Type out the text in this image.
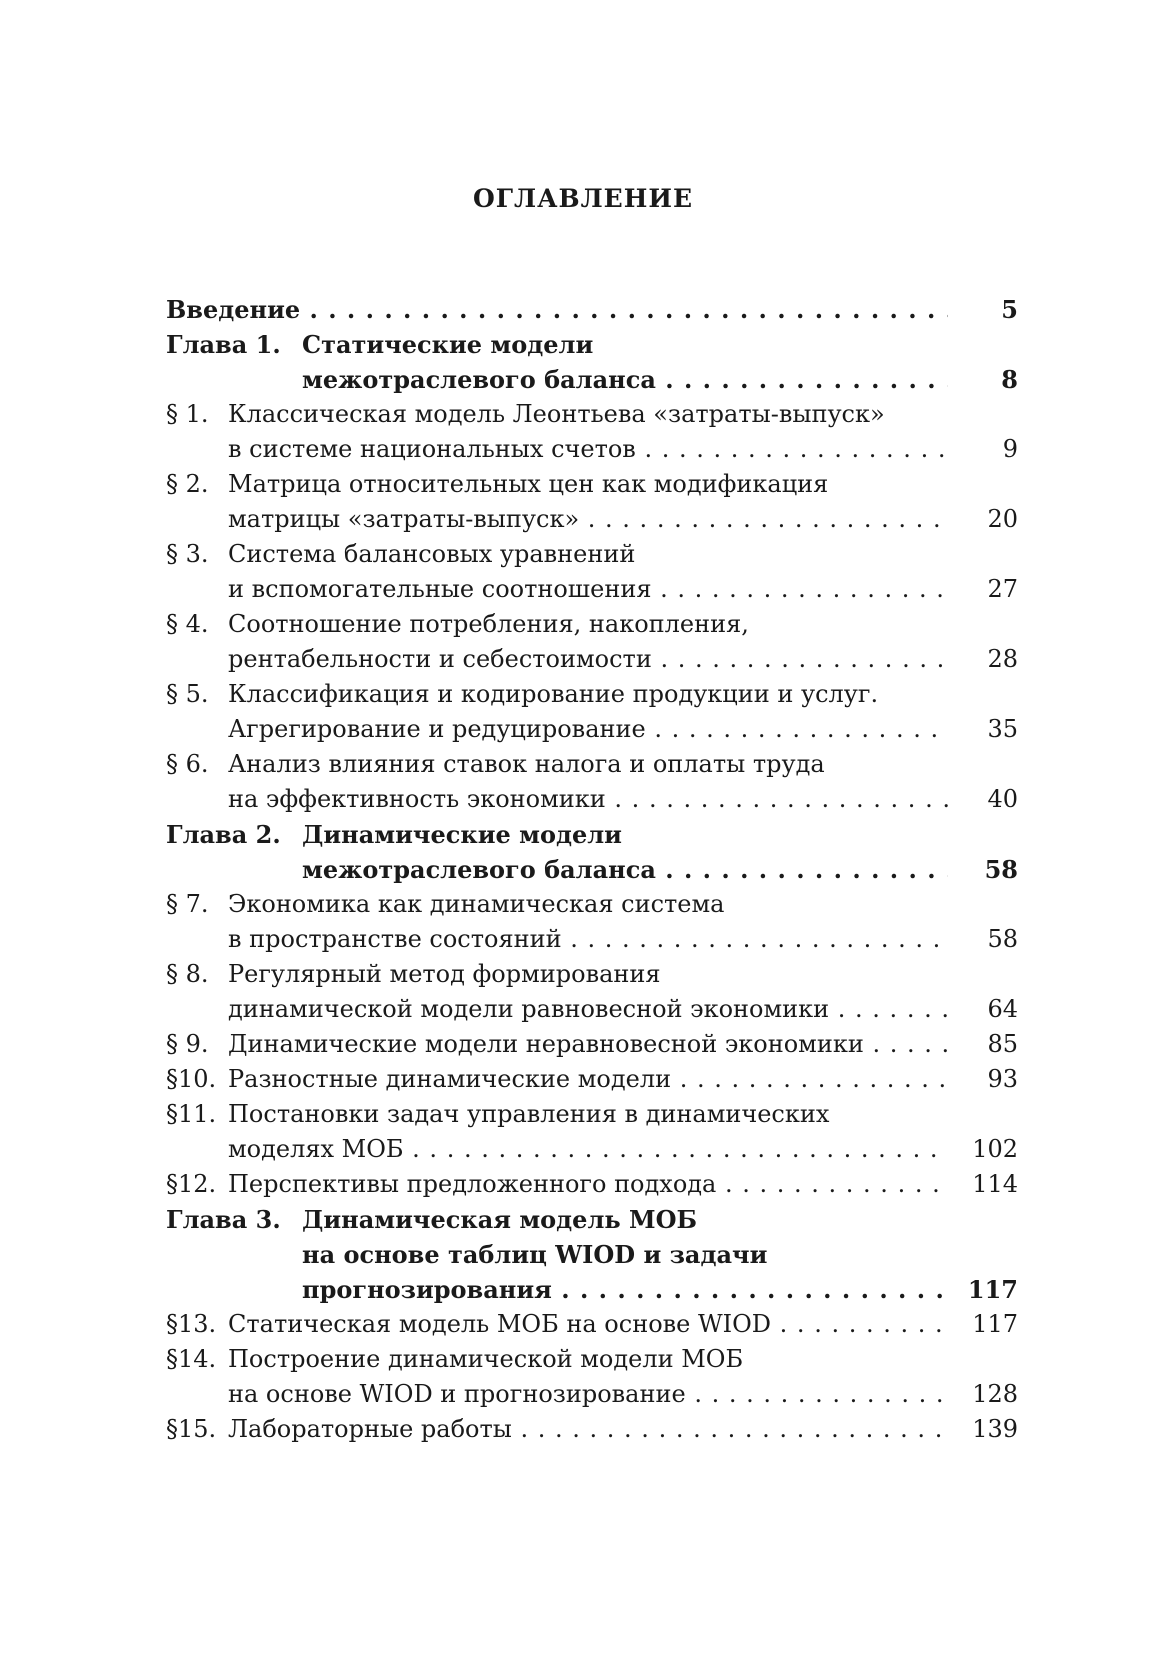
ОГЛАВЛЕНИЕ
Введение . . .	5
Глава 1. Статические модели
межотраслевого баланса . . .	8
§ 1. Классическая модель Леонтьева «затраты-выпуск»
в системе национальных счетов . . .	9
§ 2. Матрица относительных цен как модификация
матрицы «затраты-выпуск» . . .	20
§ 3. Система балансовых уравнений
и вспомогательные соотношения . . .	27
§ 4. Соотношение потребления, накопления,
рентабельности и себестоимости . . .	28
§ 5. Классификация и кодирование продукции и услуг.
Агрегирование и редуцирование . . .	35
§ 6. Анализ влияния ставок налога и оплаты труда
на эффективность экономики . . .	40
Глава 2. Динамические модели
межотраслевого баланса . . .	58
§ 7. Экономика как динамическая система
в пространстве состояний . . .	58
§ 8. Регулярный метод формирования
динамической модели равновесной экономики . . .	64
§ 9. Динамические модели неравновесной экономики . . .	85
§10. Разностные динамические модели . . .	93
§11. Постановки задач управления в динамических
моделях МОБ . . .	102
§12. Перспективы предложенного подхода . . .	114
Глава 3. Динамическая модель МОБ
на основе таблиц WIOD и задачи
прогнозирования . . .	117
§13. Статическая модель МОБ на основе WIOD . . .	117
§14. Построение динамической модели МОБ
на основе WIOD и прогнозирование . . .	128
§15. Лабораторные работы . . .	139
